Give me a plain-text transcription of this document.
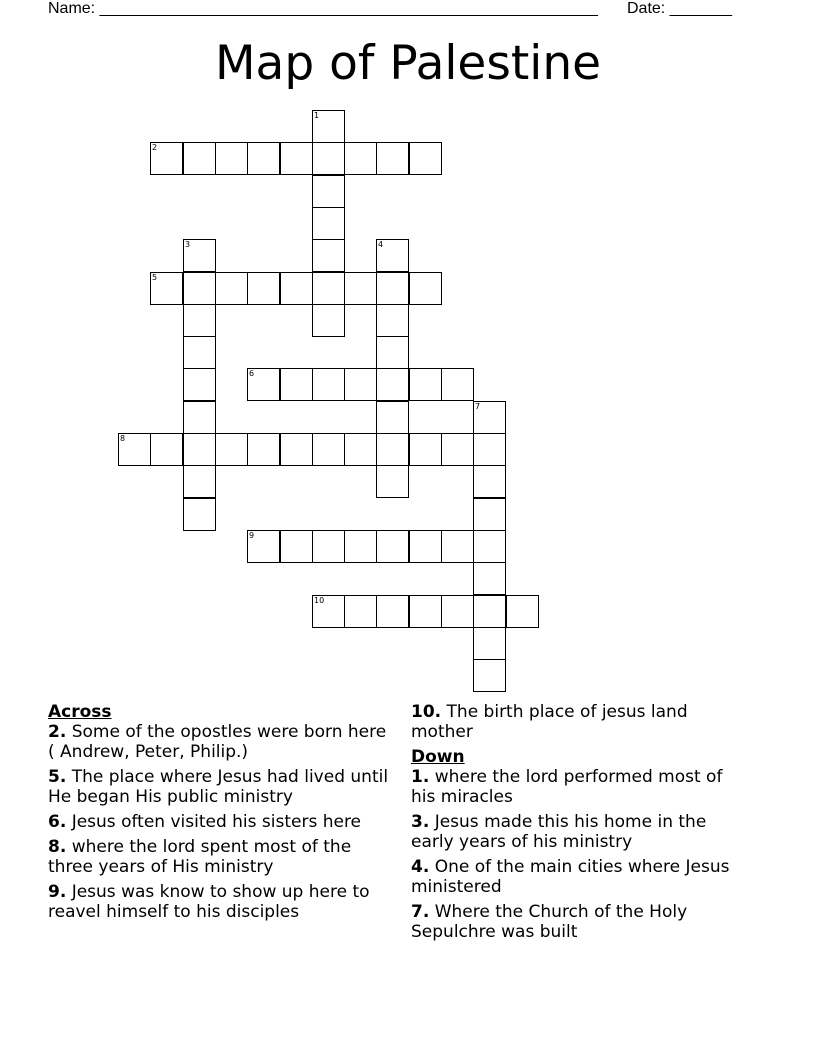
Name: ________________________________________________________ Date: _______
Map of Palestine
1
2
3	4
5
6
7
8
9
10

Across

2. Some of the opostles were born here ( Andrew, Peter, Philip.)

5. The place where Jesus had lived until He began His public ministry

6. Jesus often visited his sisters here

8. where the lord spent most of the three years of His ministry

9. Jesus was know to show up here to reavel himself to his disciples

10. The birth place of jesus land mother

Down

1. where the lord performed most of his miracles

3. Jesus made this his home in the early years of his ministry

4. One of the main cities where Jesus ministered

7. Where the Church of the Holy Sepulchre was built
